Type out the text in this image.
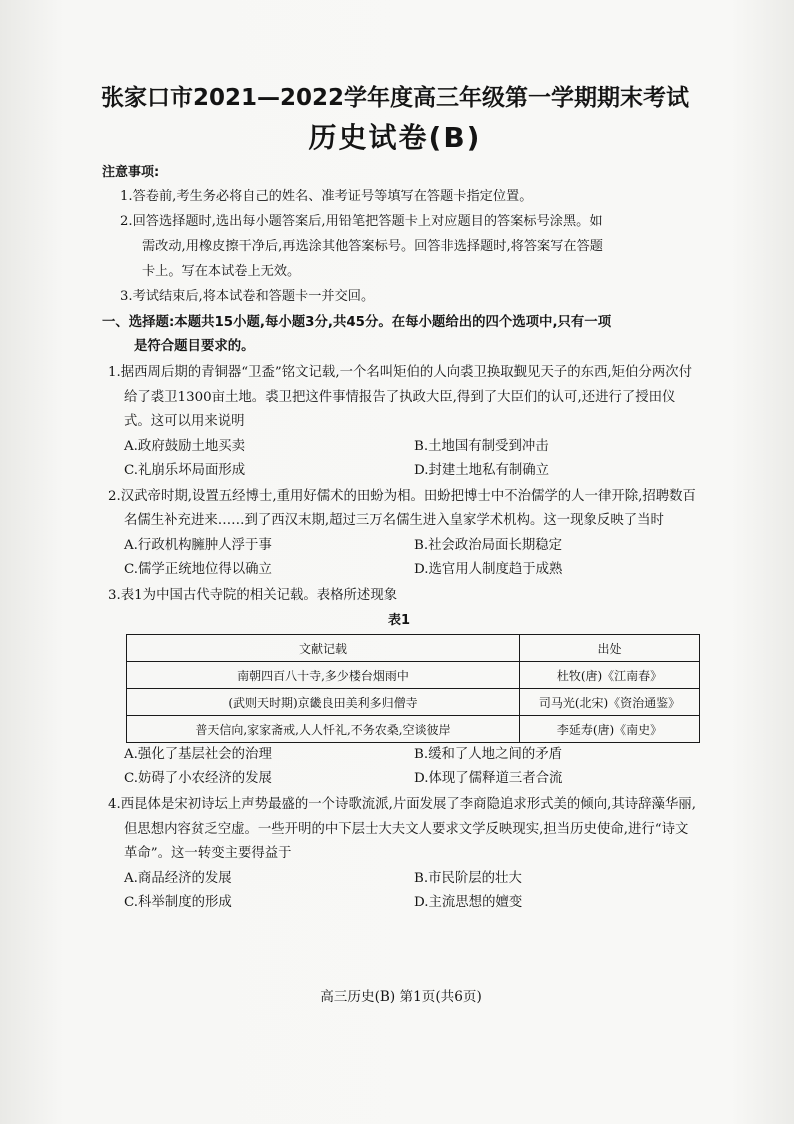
张家口市2021—2022学年度高三年级第一学期期末考试
历史试卷(B)
注意事项:
1.答卷前,考生务必将自己的姓名、准考证号等填写在答题卡指定位置。
2.回答选择题时,选出每小题答案后,用铅笔把答题卡上对应题目的答案标号涂黑。如
需改动,用橡皮擦干净后,再选涂其他答案标号。回答非选择题时,将答案写在答题
卡上。写在本试卷上无效。
3.考试结束后,将本试卷和答题卡一并交回。
一、选择题:本题共15小题,每小题3分,共45分。在每小题给出的四个选项中,只有一项
是符合题目要求的。
1.据西周后期的青铜器“卫盉”铭文记载,一个名叫矩伯的人向裘卫换取觐见天子的东西,矩伯分两次付给了裘卫1300亩土地。裘卫把这件事情报告了执政大臣,得到了大臣们的认可,还进行了授田仪式。这可以用来说明
A.政府鼓励土地买卖	B.土地国有制受到冲击
C.礼崩乐坏局面形成	D.封建土地私有制确立
2.汉武帝时期,设置五经博士,重用好儒术的田蚡为相。田蚡把博士中不治儒学的人一律开除,招聘数百名儒生补充进来……到了西汉末期,超过三万名儒生进入皇家学术机构。这一现象反映了当时
A.行政机构臃肿人浮于事	B.社会政治局面长期稳定
C.儒学正统地位得以确立	D.选官用人制度趋于成熟
3.表1为中国古代寺院的相关记载。表格所述现象
表1
文献记载	出处
南朝四百八十寺,多少楼台烟雨中	杜牧(唐)《江南春》
(武则天时期)京畿良田美利多归僧寺	司马光(北宋)《资治通鉴》
普天信向,家家斋戒,人人忏礼,不务农桑,空谈彼岸	李延寿(唐)《南史》
A.强化了基层社会的治理	B.缓和了人地之间的矛盾
C.妨碍了小农经济的发展	D.体现了儒释道三者合流
4.西昆体是宋初诗坛上声势最盛的一个诗歌流派,片面发展了李商隐追求形式美的倾向,其诗辞藻华丽,但思想内容贫乏空虚。一些开明的中下层士大夫文人要求文学反映现实,担当历史使命,进行“诗文革命”。这一转变主要得益于
A.商品经济的发展	B.市民阶层的壮大
C.科举制度的形成	D.主流思想的嬗变
高三历史(B) 第1页(共6页)
